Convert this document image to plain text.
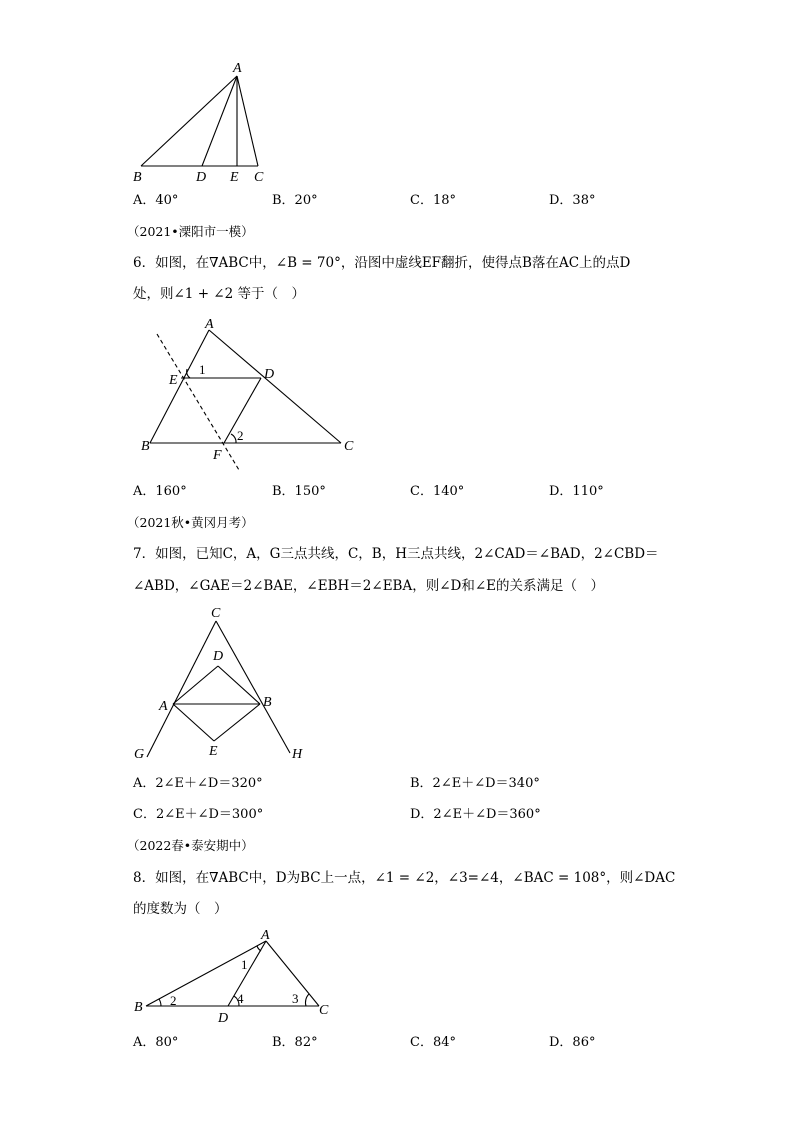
A
B	D E C
A．40°	B．20°	C．18°	D．38°
（2021•溧阳市一模）
6．如图，在∇ABC中，∠B = 70°，沿图中虚线EF翻折，使得点B落在AC上的点D
处，则∠1 + ∠2 等于（　）
A
E	D
B	C
F
1
2
A．160°	B．150°	C．140°	D．110°
（2021秋•黄冈月考）
7．如图，已知C，A，G三点共线，C，B，H三点共线，2∠CAD＝∠BAD，2∠CBD＝
∠ABD，∠GAE＝2∠BAE，∠EBH＝2∠EBA，则∠D和∠E的关系满足（　）
C
D
A	B
E
G	H
A．2∠E＋∠D＝320°	B．2∠E＋∠D＝340°
C．2∠E＋∠D＝300°	D．2∠E＋∠D＝360°
（2022春•泰安期中）
8．如图，在∇ABC中，D为BC上一点，∠1 = ∠2，∠3=∠4，∠BAC = 108°，则∠DAC
的度数为（　）
A
B	C
D
1
2	3
4
A．80°	B．82°	C．84°	D．86°
